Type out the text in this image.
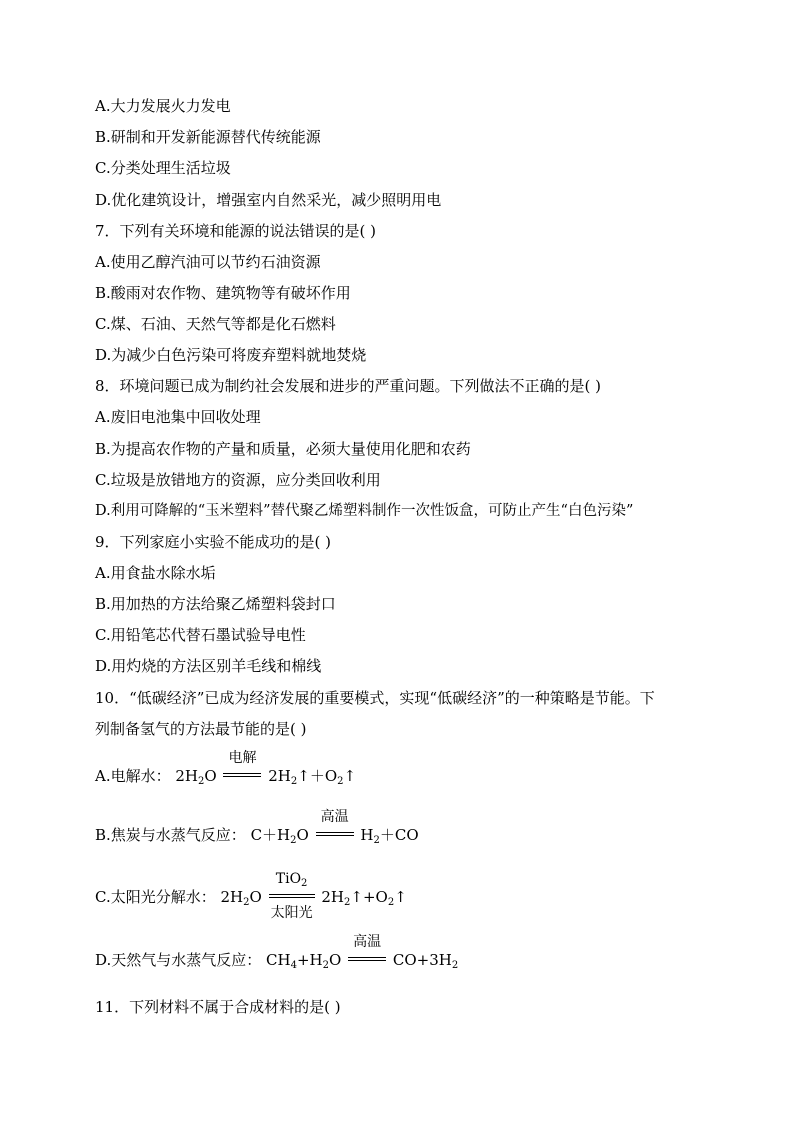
A.大力发展火力发电
B.研制和开发新能源替代传统能源
C.分类处理生活垃圾
D.优化建筑设计，增强室内自然采光，减少照明用电
7．下列有关环境和能源的说法错误的是( )
A.使用乙醇汽油可以节约石油资源
B.酸雨对农作物、建筑物等有破坏作用
C.煤、石油、天然气等都是化石燃料
D.为减少白色污染可将废弃塑料就地焚烧
8．环境问题已成为制约社会发展和进步的严重问题。下列做法不正确的是( )
A.废旧电池集中回收处理
B.为提高农作物的产量和质量，必须大量使用化肥和农药
C.垃圾是放错地方的资源，应分类回收利用
D.利用可降解的“玉米塑料”替代聚乙烯塑料制作一次性饭盒，可防止产生“白色污染”
9．下列家庭小实验不能成功的是( )
A.用食盐水除水垢
B.用加热的方法给聚乙烯塑料袋封口
C.用铅笔芯代替石墨试验导电性
D.用灼烧的方法区别羊毛线和棉线
10．“低碳经济”已成为经济发展的重要模式，实现“低碳经济”的一种策略是节能。下
列制备氢气的方法最节能的是( )
A.电解水： $2H_2O$
电解
$2H_2↑+O_2↑$
B.焦炭与水蒸气反应： $C+H_2O$
高温
$H_2+CO$
C.太阳光分解水： $2H_2O$
TiO$_2$
太阳光
$2H_2↑+O_2↑$
D.天然气与水蒸气反应： $CH_4+H_2O$
高温
$CO+3H_2$
11．下列材料不属于合成材料的是( )
